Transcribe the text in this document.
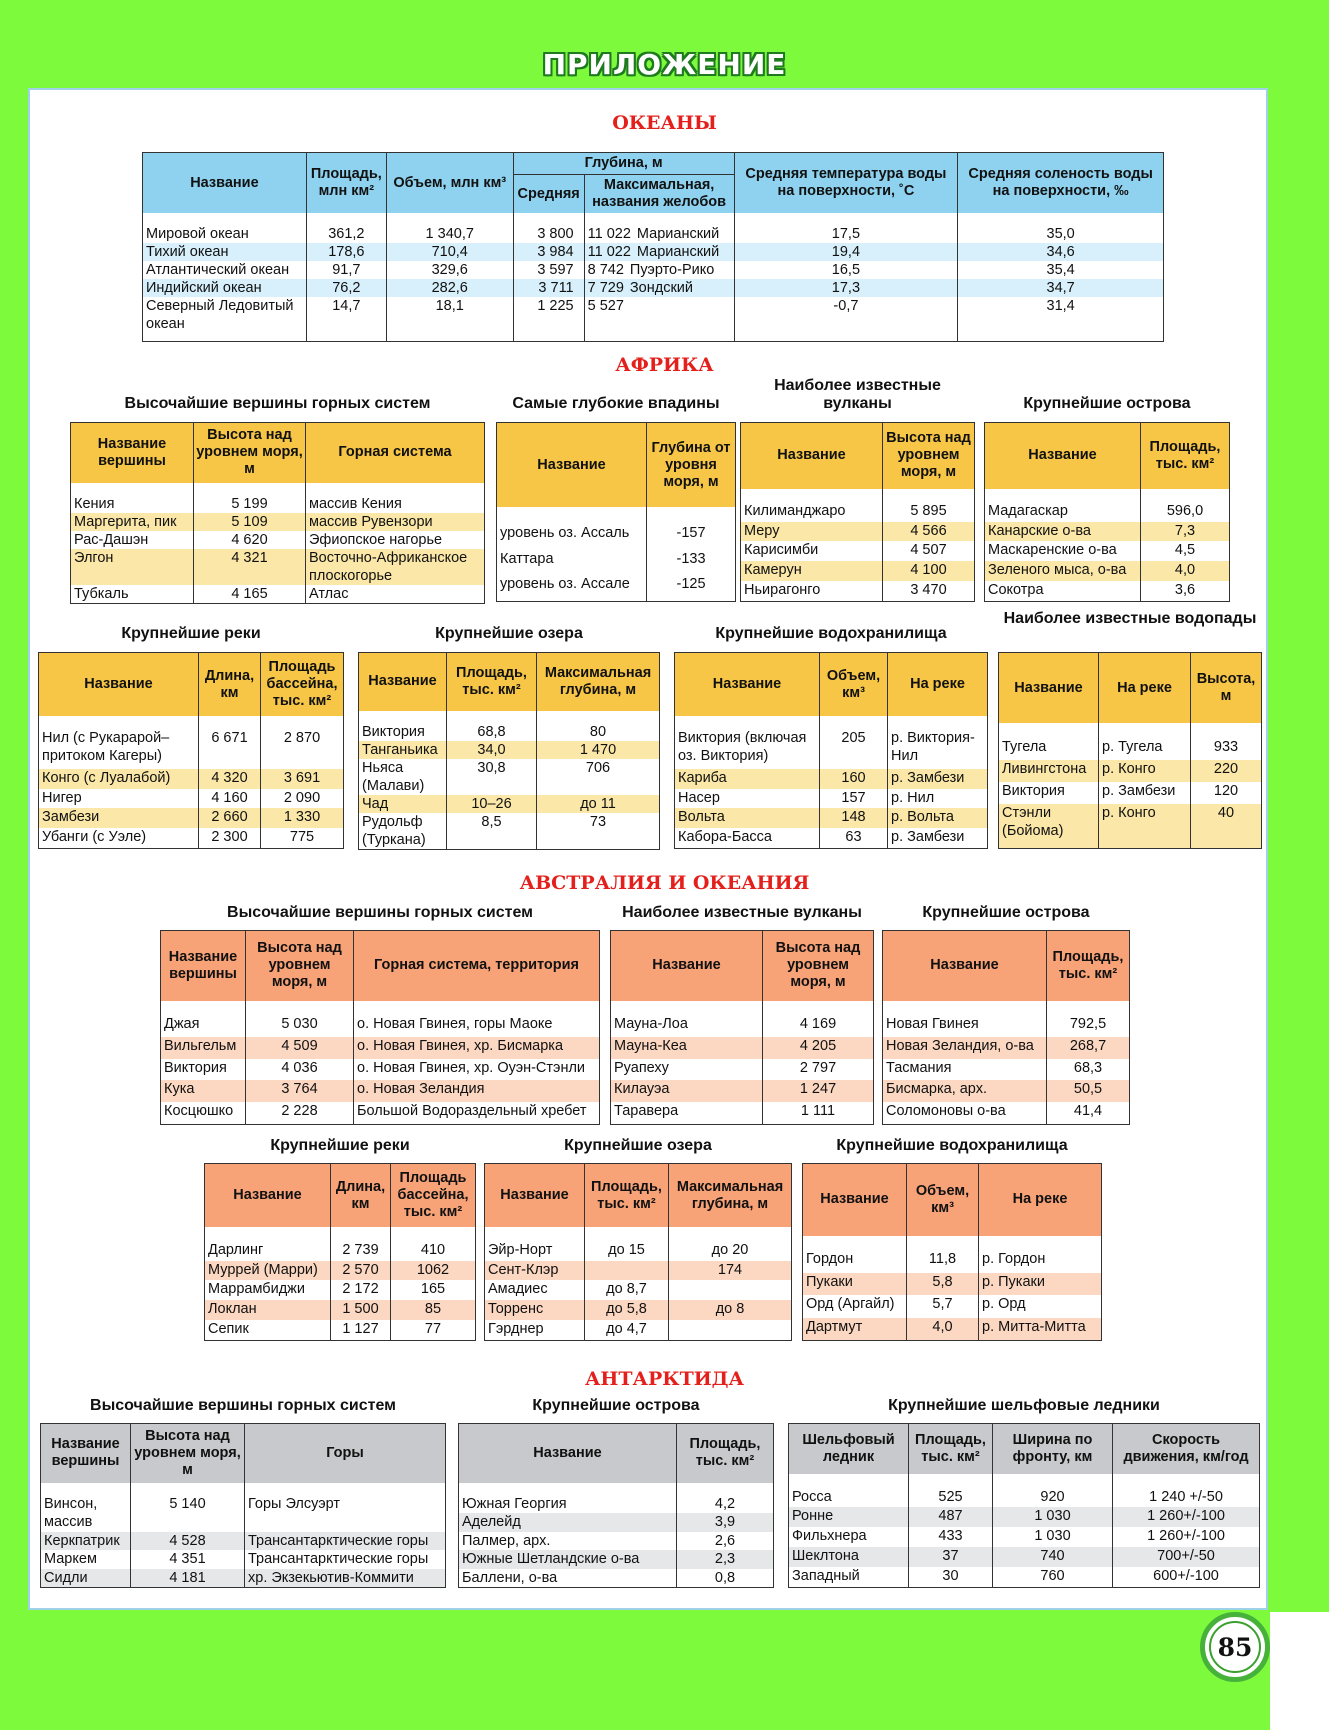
ПРИЛОЖЕНИЕ
ОКЕАНЫ
Название	Площадь, млн км²	Объем, млн км³	Глубина, м		Средняя температура воды на поверхности, ˚С	Средняя соленость воды на поверхности, ‰
			Средняя	Максимальная, названия желобов		

Мировой океан	361,2	1 340,7	3 800	11 022 Марианский	17,5	35,0
Тихий океан	178,6	710,4	3 984	11 022 Марианский	19,4	34,6
Атлантический океан	91,7	329,6	3 597	8 742 Пуэрто-Рико	16,5	35,4
Индийский океан	76,2	282,6	3 711	7 729 Зондский	17,3	34,7
Северный Ледовитый океан	14,7	18,1	1 225	5 527	-0,7	31,4

АФРИКА
Высочайшие вершины горных систем
Название вершины	Высота над уровнем моря, м	Горная система

Кения	5 199	массив Кения
Маргерита, пик	5 109	массив Рувензори
Рас-Дашэн	4 620	Эфиопское нагорье
Элгон	4 321	Восточно-Африканское плоскогорье
Тубкаль	4 165	Атлас

Самые глубокие впадины
Название	Глубина от уровня моря, м

уровень оз. Ассаль	-157
Каттара	-133
уровень оз. Ассале	-125

Наиболее известные вулканы
Название	Высота над уровнем моря, м

Килиманджаро	5 895
Меру	4 566
Карисимби	4 507
Камерун	4 100
Ньирагонго	3 470

Крупнейшие острова
Название	Площадь, тыс. км²

Мадагаскар	596,0
Канарские о-ва	7,3
Маскаренские о-ва	4,5
Зеленого мыса, о-ва	4,0
Сокотра	3,6

Крупнейшие реки
Название	Длина, км	Площадь бассейна, тыс. км²

Нил (с Рукарарой– притоком Кагеры)	6 671	2 870
Конго (с Луалабой)	4 320	3 691
Нигер	4 160	2 090
Замбези	2 660	1 330
Убанги (с Уэле)	2 300	775

Крупнейшие озера
Название	Площадь, тыс. км²	Максимальная глубина, м

Виктория	68,8	80
Танганьика	34,0	1 470
Ньяса (Малави)	30,8	706
Чад	10–26	до 11
Рудольф (Туркана)	8,5	73

Крупнейшие водохранилища
Название	Объем, км³	На реке

Виктория (включая оз. Виктория)	205	р. Виктория-Нил
Кариба	160	р. Замбези
Насер	157	р. Нил
Вольта	148	р. Вольта
Кабора-Басса	63	р. Замбези

Наиболее известные водопады
Название	На реке	Высота, м

Тугела	р. Тугела	933
Ливингстона	р. Конго	220
Виктория	р. Замбези	120
Стэнли (Бойома)	р. Конго	40

АВСТРАЛИЯ И ОКЕАНИЯ
Высочайшие вершины горных систем
Название вершины	Высота над уровнем моря, м	Горная система, территория

Джая	5 030	о. Новая Гвинея, горы Маоке
Вильгельм	4 509	о. Новая Гвинея, хр. Бисмарка
Виктория	4 036	о. Новая Гвинея, хр. Оуэн-Стэнли
Кука	3 764	о. Новая Зеландия
Косцюшко	2 228	Большой Водораздельный хребет

Наиболее известные вулканы
Название	Высота над уровнем моря, м

Мауна-Лоа	4 169
Мауна-Кеа	4 205
Руапеху	2 797
Килауэа	1 247
Таравера	1 111

Крупнейшие острова
Название	Площадь, тыс. км²

Новая Гвинея	792,5
Новая Зеландия, о-ва	268,7
Тасмания	68,3
Бисмарка, арх.	50,5
Соломоновы о-ва	41,4

Крупнейшие реки
Название	Длина, км	Площадь бассейна, тыс. км²

Дарлинг	2 739	410
Муррей (Марри)	2 570	1062
Маррамбиджи	2 172	165
Локлан	1 500	85
Сепик	1 127	77

Крупнейшие озера
Название	Площадь, тыс. км²	Максимальная глубина, м

Эйр-Норт	до 15	до 20
Сент-Клэр		174
Амадиес	до 8,7	
Торренс	до 5,8	до 8
Гэрднер	до 4,7	

Крупнейшие водохранилища
Название	Объем, км³	На реке

Гордон	11,8	р. Гордон
Пукаки	5,8	р. Пукаки
Орд (Аргайл)	5,7	р. Орд
Дартмут	4,0	р. Митта-Митта

АНТАРКТИДА
Высочайшие вершины горных систем
Название вершины	Высота над уровнем моря, м	Горы

Винсон, массив	5 140	Горы Элсуэрт
Керкпатрик	4 528	Трансантарктические горы
Маркем	4 351	Трансантарктические горы
Сидли	4 181	хр. Экзекьютив-Коммити

Крупнейшие острова
Название	Площадь, тыс. км²

Южная Георгия	4,2
Аделейд	3,9
Палмер, арх.	2,6
Южные Шетландские о-ва	2,3
Баллени, о-ва	0,8

Крупнейшие шельфовые ледники
Шельфовый ледник	Площадь, тыс. км²	Ширина по фронту, км	Скорость движения, км/год

Росса	525	920	1 240 +/-50
Ронне	487	1 030	1 260+/-100
Фильхнера	433	1 030	1 260+/-100
Шеклтона	37	740	700+/-50
Западный	30	760	600+/-100

85
